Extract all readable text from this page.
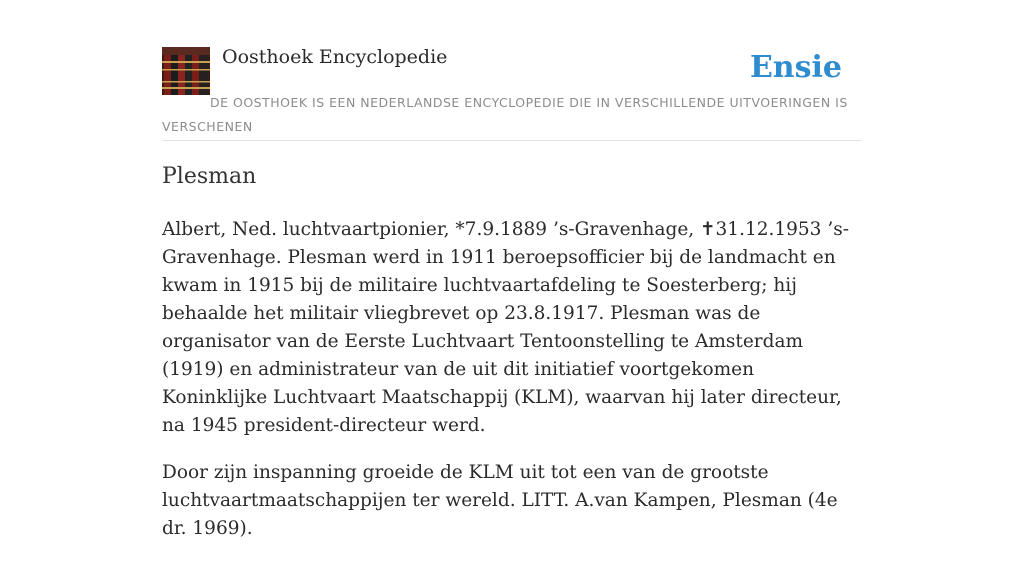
Oosthoek Encyclopedie	Ensie
DE OOSTHOEK IS EEN NEDERLANDSE ENCYCLOPEDIE DIE IN VERSCHILLENDE UITVOERINGEN IS VERSCHENEN
Plesman

Albert, Ned. luchtvaartpionier, *7.9.1889 ’s-Gravenhage, ✝31.12.1953 ’s-Gravenhage. Plesman werd in 1911 beroepsofficier bij de landmacht en kwam in 1915 bij de militaire luchtvaartafdeling te Soesterberg; hij behaalde het militair vliegbrevet op 23.8.1917. Plesman was de organisator van de Eerste Luchtvaart Tentoonstelling te Amsterdam (1919) en administrateur van de uit dit initiatief voortgekomen Koninklijke Luchtvaart Maatschappij (KLM), waarvan hij later directeur, na 1945 president-directeur werd.

Door zijn inspanning groeide de KLM uit tot een van de grootste luchtvaartmaatschappijen ter wereld. LITT. A.van Kampen, Plesman (4e dr. 1969).
